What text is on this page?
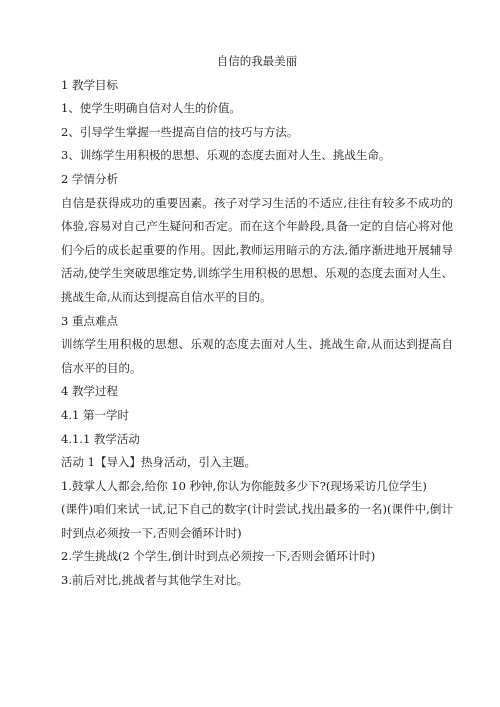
自信的我最美丽

1 教学目标

1、使学生明确自信对人生的价值。

2、引导学生掌握一些提高自信的技巧与方法。

3、训练学生用积极的思想、乐观的态度去面对人生、挑战生命。

2 学情分析

自信是获得成功的重要因素。孩子对学习生活的不适应,往往有较多不成功的体验,容易对自己产生疑问和否定。而在这个年龄段,具备一定的自信心将对他们今后的成长起重要的作用。因此,教师运用暗示的方法,循序渐进地开展辅导活动,使学生突破思维定势,训练学生用积极的思想、乐观的态度去面对人生、挑战生命,从而达到提高自信水平的目的。

3 重点难点

训练学生用积极的思想、乐观的态度去面对人生、挑战生命,从而达到提高自信水平的目的。

4 教学过程

4.1 第一学时

4.1.1 教学活动

活动 1【导入】热身活动，引入主题。

1.鼓掌人人都会,给你 10 秒钟,你认为你能鼓多少下?(现场采访几位学生)

(课件)咱们来试一试,记下自己的数字(计时尝试,找出最多的一名)(课件中,倒计时到点必须按一下,否则会循环计时)

2.学生挑战(2 个学生,倒计时到点必须按一下,否则会循环计时)

3.前后对比,挑战者与其他学生对比。
